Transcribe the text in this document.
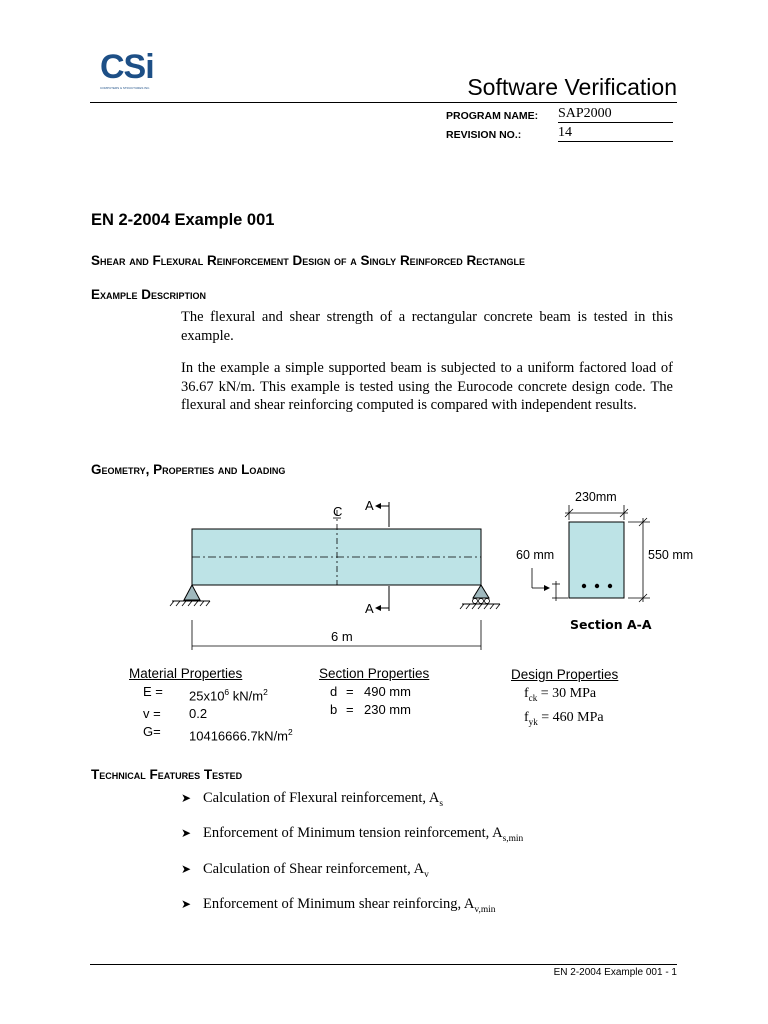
CSi
COMPUTERS & STRUCTURES INC.	Software Verification
PROGRAM NAME: SAP2000
REVISION NO.:	14
EN 2-2004 Example 001
Shear and Flexural Reinforcement Design of a Singly Reinforced Rectangle
Example Description
The flexural and shear strength of a rectangular concrete beam is tested in this example.
In the example a simple supported beam is subjected to a uniform factored load of 36.67 kN/m. This example is tested using the Eurocode concrete design code. The flexural and shear reinforcing computed is compared with independent results.
Geometry, Properties and Loading
C A
A
6 m
230mm
550 mm
60 mm
Section A-A
Material Properties
E =	$25x10^6$ $kN/m^2$
v =	0.2
G=	$10416666.7kN/m^2$
Section Properties
d = 490 mm
b = 230 mm
Design Properties
$f_{ck} = 30$ MPa
$f_{yk} = 460$ MPa
Technical Features Tested
➤ Calculation of Flexural reinforcement, $A_s$
➤ Enforcement of Minimum tension reinforcement, $A_{s,min}$
➤ Calculation of Shear reinforcement, $A_v$
➤ Enforcement of Minimum shear reinforcing, $A_{v,min}$
EN 2-2004 Example 001 - 1
